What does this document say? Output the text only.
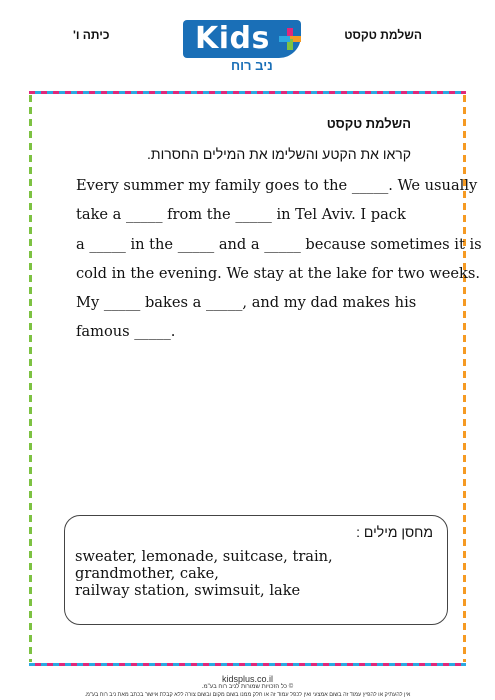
כיתה ו'	השלמת טקסט
Kids
ניב רוח
השלמת טקסט
קראו את הקטע והשלימו את המילים החסרות.
Every summer my family goes to the _____. We usually
take a _____ from the _____ in Tel Aviv. I pack
a _____ in the _____ and a _____ because sometimes it is
cold in the evening. We stay at the lake for two weeks.
My _____ bakes a _____, and my dad makes his
famous _____.
מחסן מילים :
sweater, lemonade, suitcase, train, grandmother, cake,
railway station, swimsuit, lake
kidsplus.co.il
© כל הזכויות שמורות לניב רוח בע"מ.
אין להעתיק או להפיץ עמוד זה בשום אמצעי ואין לכפל עמוד זה או חלק ממנו בשום מקום ובשום צורה ללא קבלת אישור בכתב מאת ניב רוח בע"מ.
